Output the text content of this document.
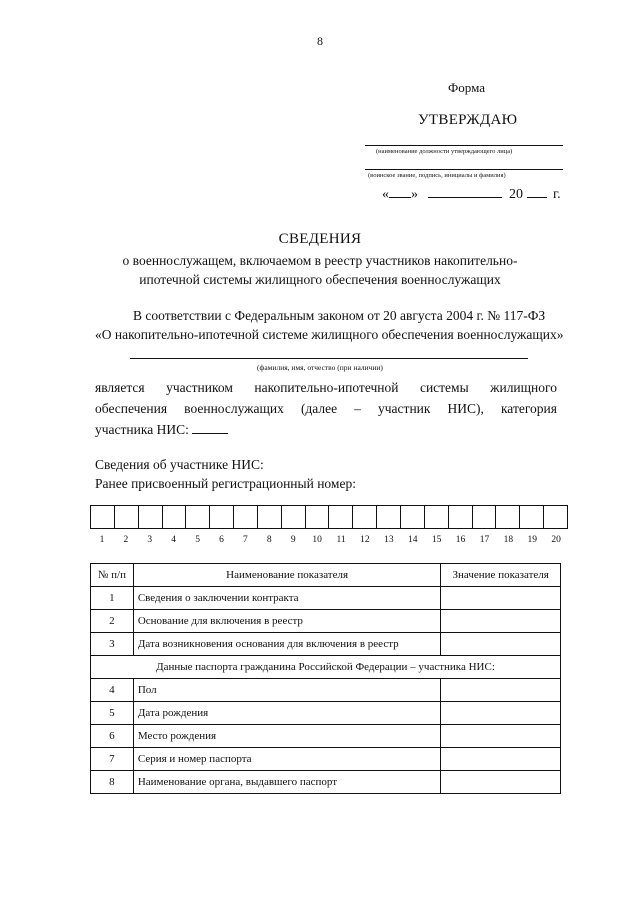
8
Форма
УТВЕРЖДАЮ
(наименование должности утверждающего лица)
(воинское звание, подпись, инициалы и фамилия)
« »	20 г.
СВЕДЕНИЯ
о военнослужащем, включаемом в реестр участников накопительно-
ипотечной системы жилищного обеспечения военнослужащих
В соответствии с Федеральным законом от 20 августа 2004 г. № 117-ФЗ
«О накопительно-ипотечной системе жилищного обеспечения военнослужащих»
(фамилия, имя, отчество (при наличии)
является участником накопительно-ипотечной системы жилищного
обеспечения военнослужащих (далее – участник НИС), категория
участника НИС:
Сведения об участнике НИС:
Ранее присвоенный регистрационный номер:
1	2	3	4	5	6	7	8	9	10	11	12	13	14	15	16	17	18	19	20
№ п/п	Наименование показателя	Значение показателя
1	Сведения о заключении контракта	
2	Основание для включения в реестр	
3	Дата возникновения основания для включения в реестр	
Данные паспорта гражданина Российской Федерации – участника НИС:		
4	Пол	
5	Дата рождения	
6	Место рождения	
7	Серия и номер паспорта	
8	Наименование органа, выдавшего паспорт	
